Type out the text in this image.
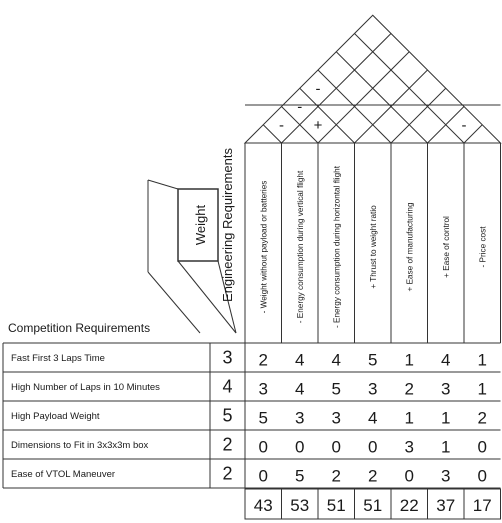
-
-
+
-
-
Weight Engineering Requirements
Competition Requirements
- Weight without payload or batteries	- Energy consumption during vertical flight	- Energy consumption during horizontal flight	+ Thrust to weight ratio	+ Ease of manufacturing	+ Ease of control	- Price cost
Fast First 3 Laps Time	3 2 4 4 5 1 4 1
High Number of Laps in 10 Minutes	4 3 4 5 3 2 3 1
High Payload Weight	5 5 3 3 4 1 1 2
Dimensions to Fit in 3x3x3m box	2 0 0 0 0 3 1 0
Ease of VTOL Maneuver	2 0 5 2 2 0 3 0
43 53 51 51 22 37 17
